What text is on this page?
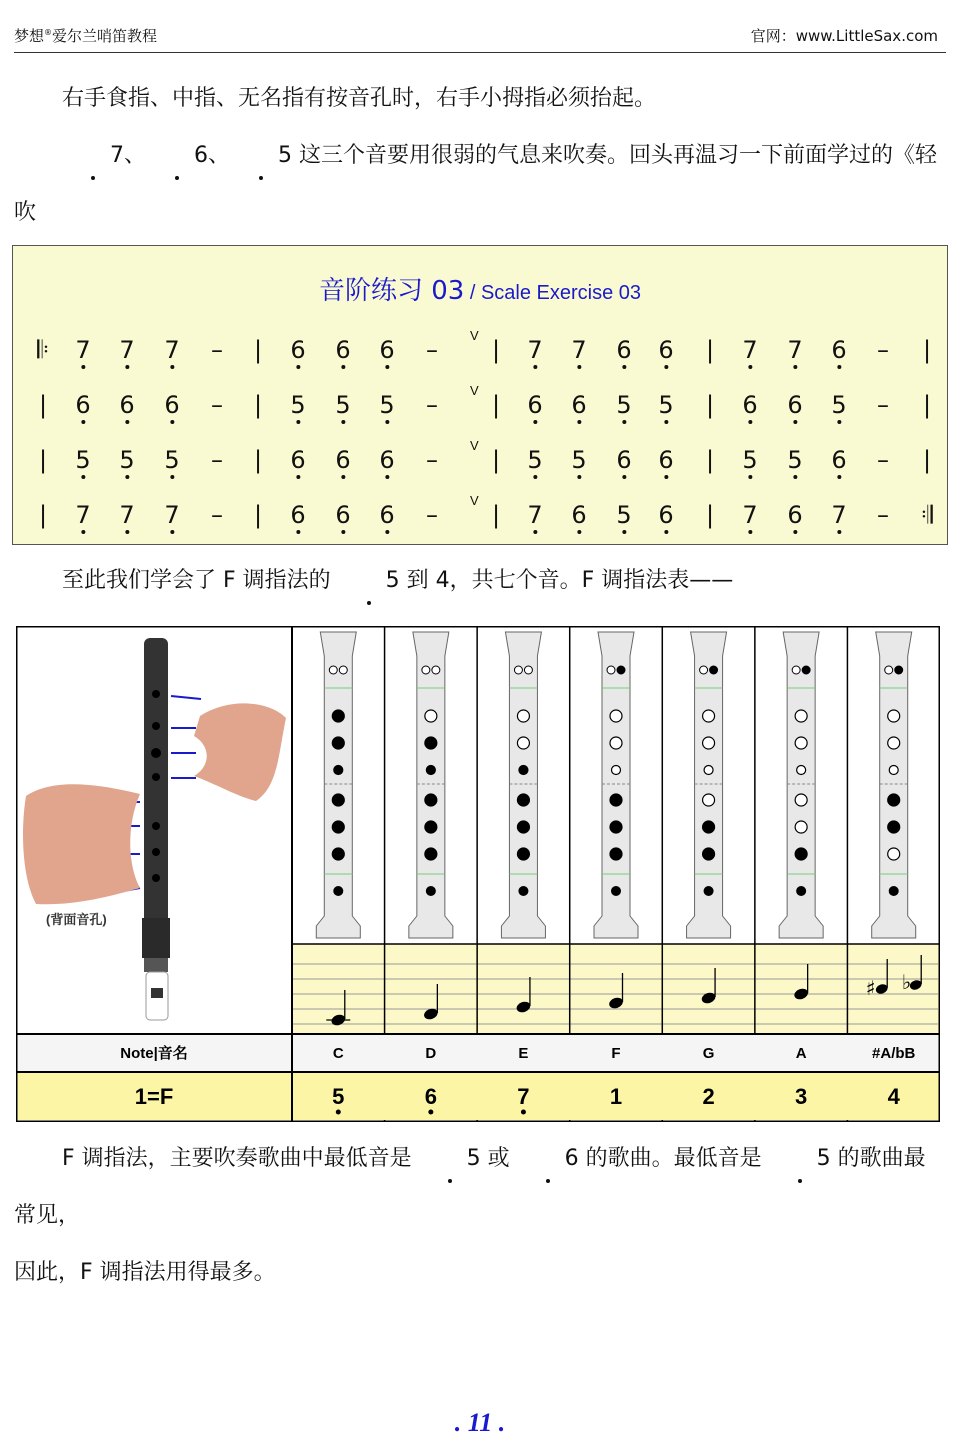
梦想®爱尔兰哨笛教程	官网：www.LittleSax.com

右手食指、中指、无名指有按音孔时，右手小拇指必须抬起。

7、 6、 5 这三个音要用很弱的气息来吹奏。回头再温习一下前面学过的《轻吹

音阶练习 03 / Scale Exercise 03
𝄆 7 7 7 – | 6 6 6 – | 7 7 6 6 | 7 7 6 – |
V
| 6 6 6 – | 5 5 5 – | 6 6 5 5 | 6 6 5 – |
V
| 5 5 5 – | 6 6 6 – | 5 5 6 6 | 5 5 6 – |
V
| 7 7 7 – | 6 6 6 – | 7 6 5 6 | 7 6 7 – 𝄇
V

至此我们学会了 F 调指法的 5 到 4，共七个音。F 调指法表——

(背面音孔)
♯ ♭
Note|音名
1=F
C
5
D
6
E
7
F
1
G
2
A
3
#A/bB
4

F 调指法，主要吹奏歌曲中最低音是 5 或 6 的歌曲。最低音是 5 的歌曲最常见，
因此，F 调指法用得最多。

. 11 .
